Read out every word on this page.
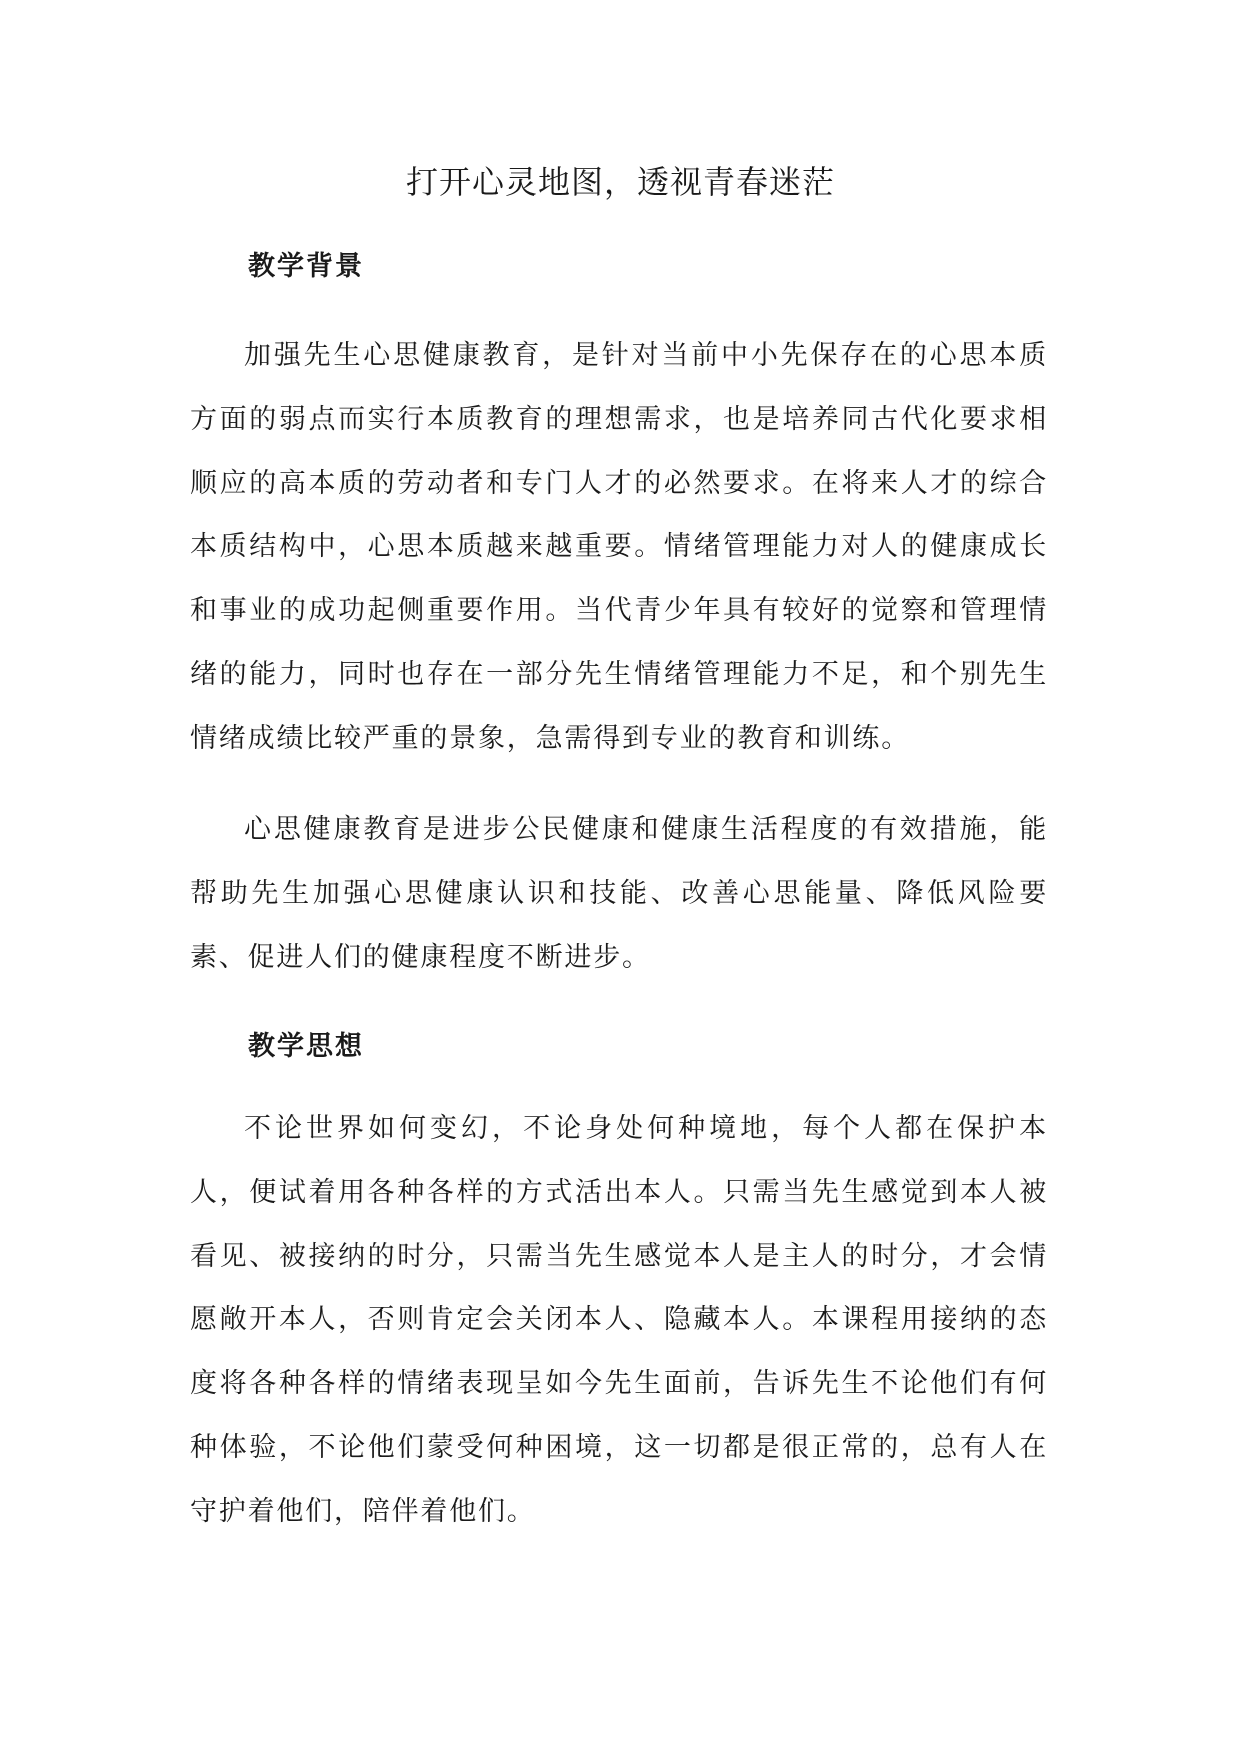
打开心灵地图，透视青春迷茫
教学背景

加强先生心思健康教育，是针对当前中小先保存在的心思本质方面的弱点而实行本质教育的理想需求，也是培养同古代化要求相顺应的高本质的劳动者和专门人才的必然要求。在将来人才的综合本质结构中，心思本质越来越重要。情绪管理能力对人的健康成长和事业的成功起侧重要作用。当代青少年具有较好的觉察和管理情绪的能力，同时也存在一部分先生情绪管理能力不足，和个别先生情绪成绩比较严重的景象，急需得到专业的教育和训练。

心思健康教育是进步公民健康和健康生活程度的有效措施，能帮助先生加强心思健康认识和技能、改善心思能量、降低风险要素、促进人们的健康程度不断进步。

教学思想

不论世界如何变幻，不论身处何种境地，每个人都在保护本人，便试着用各种各样的方式活出本人。只需当先生感觉到本人被看见、被接纳的时分，只需当先生感觉本人是主人的时分，才会情愿敞开本人，否则肯定会关闭本人、隐藏本人。本课程用接纳的态度将各种各样的情绪表现呈如今先生面前，告诉先生不论他们有何种体验，不论他们蒙受何种困境，这一切都是很正常的，总有人在守护着他们，陪伴着他们。
